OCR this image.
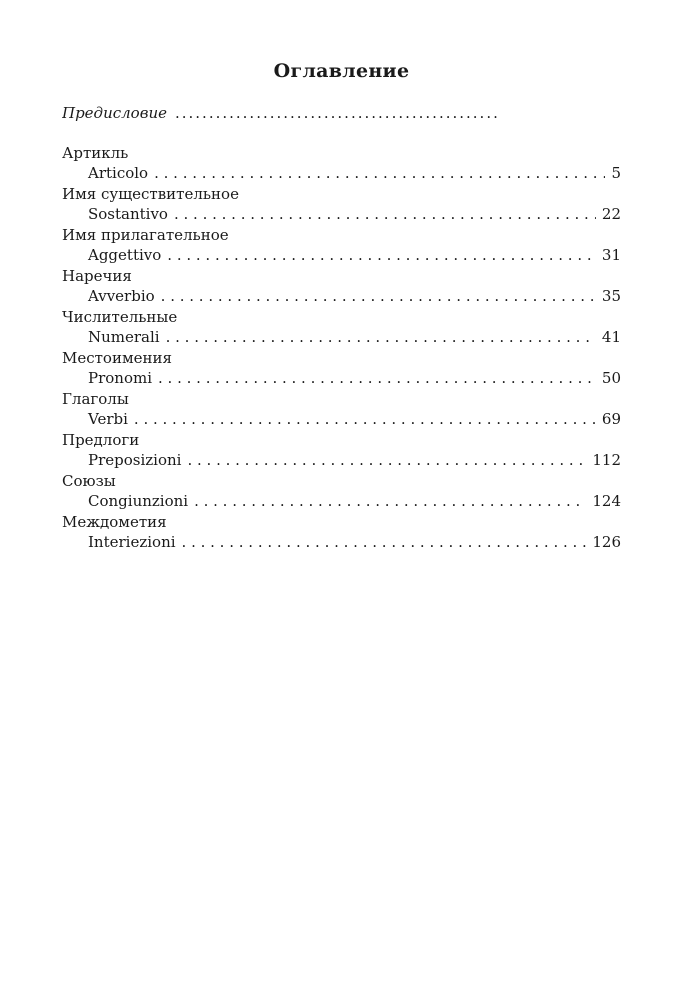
Оглавление
Предисловие ................................................
Артикль
Articolo . . .	5
Имя существительное
Sostantivo . . .	22
Имя прилагательное
Aggettivo . . .	31
Наречия
Avverbio . . .	35
Числительные
Numerali . . .	41
Местоимения
Pronomi . . .	50
Глаголы
Verbi . . .	69
Предлоги
Preposizioni . . .	112
Союзы
Congiunzioni . . .	124
Междометия
Interiezioni . . .	126
